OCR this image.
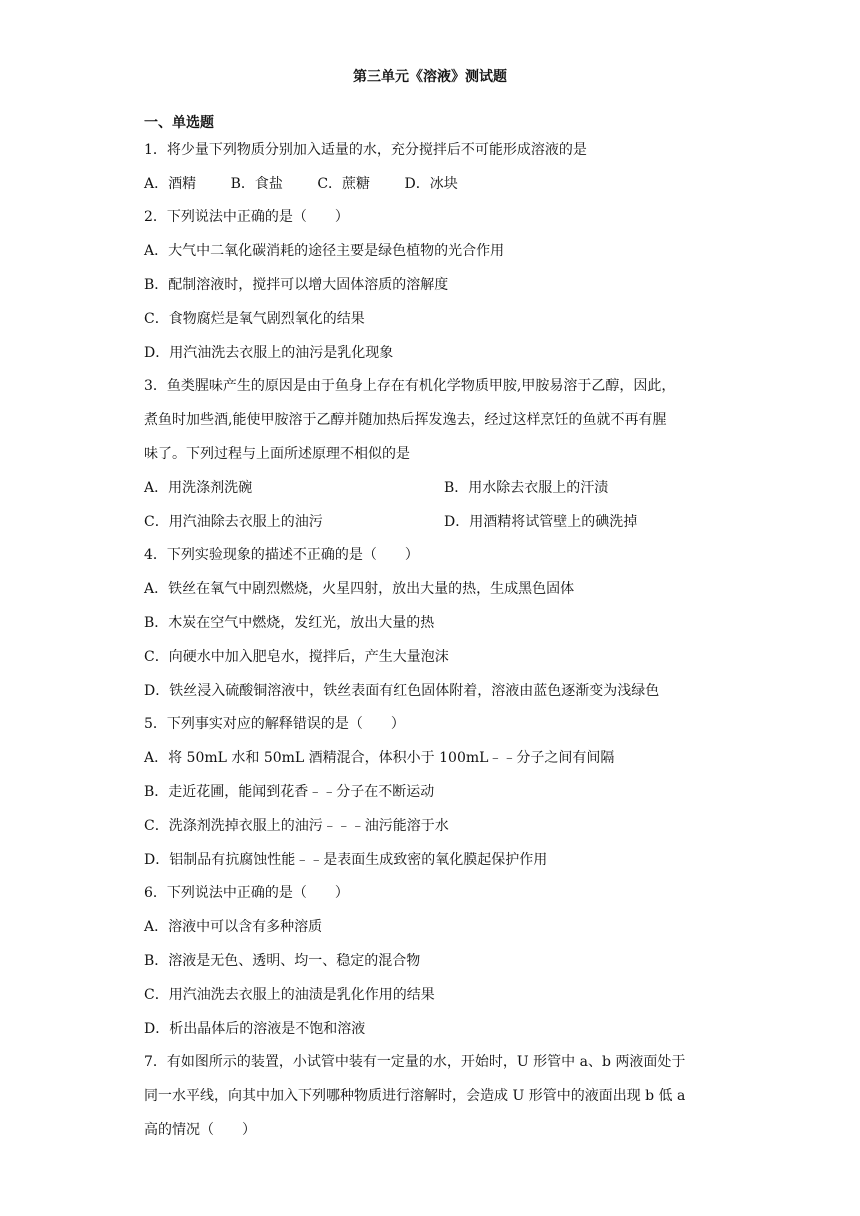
第三单元《溶液》测试题
一、单选题
1．将少量下列物质分别加入适量的水，充分搅拌后不可能形成溶液的是
A．酒精 B．食盐 C．蔗糖 D．冰块
2．下列说法中正确的是（　　）
A．大气中二氧化碳消耗的途径主要是绿色植物的光合作用
B．配制溶液时，搅拌可以增大固体溶质的溶解度
C．食物腐烂是氧气剧烈氧化的结果
D．用汽油洗去衣服上的油污是乳化现象
3．鱼类腥味产生的原因是由于鱼身上存在有机化学物质甲胺,甲胺易溶于乙醇，因此，
煮鱼时加些酒,能使甲胺溶于乙醇并随加热后挥发逸去，经过这样烹饪的鱼就不再有腥
味了。下列过程与上面所述原理不相似的是
A．用洗涤剂洗碗	B．用水除去衣服上的汗渍
C．用汽油除去衣服上的油污	D．用酒精将试管壁上的碘洗掉
4．下列实验现象的描述不正确的是（　　）
A．铁丝在氧气中剧烈燃烧，火星四射，放出大量的热，生成黑色固体
B．木炭在空气中燃烧，发红光，放出大量的热
C．向硬水中加入肥皂水，搅拌后，产生大量泡沫
D．铁丝浸入硫酸铜溶液中，铁丝表面有红色固体附着，溶液由蓝色逐渐变为浅绿色
5．下列事实对应的解释错误的是（　　）
A．将 50mL 水和 50mL 酒精混合，体积小于 100mL﹣﹣分子之间有间隔
B．走近花圃，能闻到花香﹣﹣分子在不断运动
C．洗涤剂洗掉衣服上的油污﹣﹣﹣油污能溶于水
D．铝制品有抗腐蚀性能﹣﹣是表面生成致密的氧化膜起保护作用
6．下列说法中正确的是（　　）
A．溶液中可以含有多种溶质
B．溶液是无色、透明、均一、稳定的混合物
C．用汽油洗去衣服上的油渍是乳化作用的结果
D．析出晶体后的溶液是不饱和溶液
7．有如图所示的装置，小试管中装有一定量的水，开始时，U 形管中 a、b 两液面处于
同一水平线，向其中加入下列哪种物质进行溶解时，会造成 U 形管中的液面出现 b 低 a
高的情况（　　）
